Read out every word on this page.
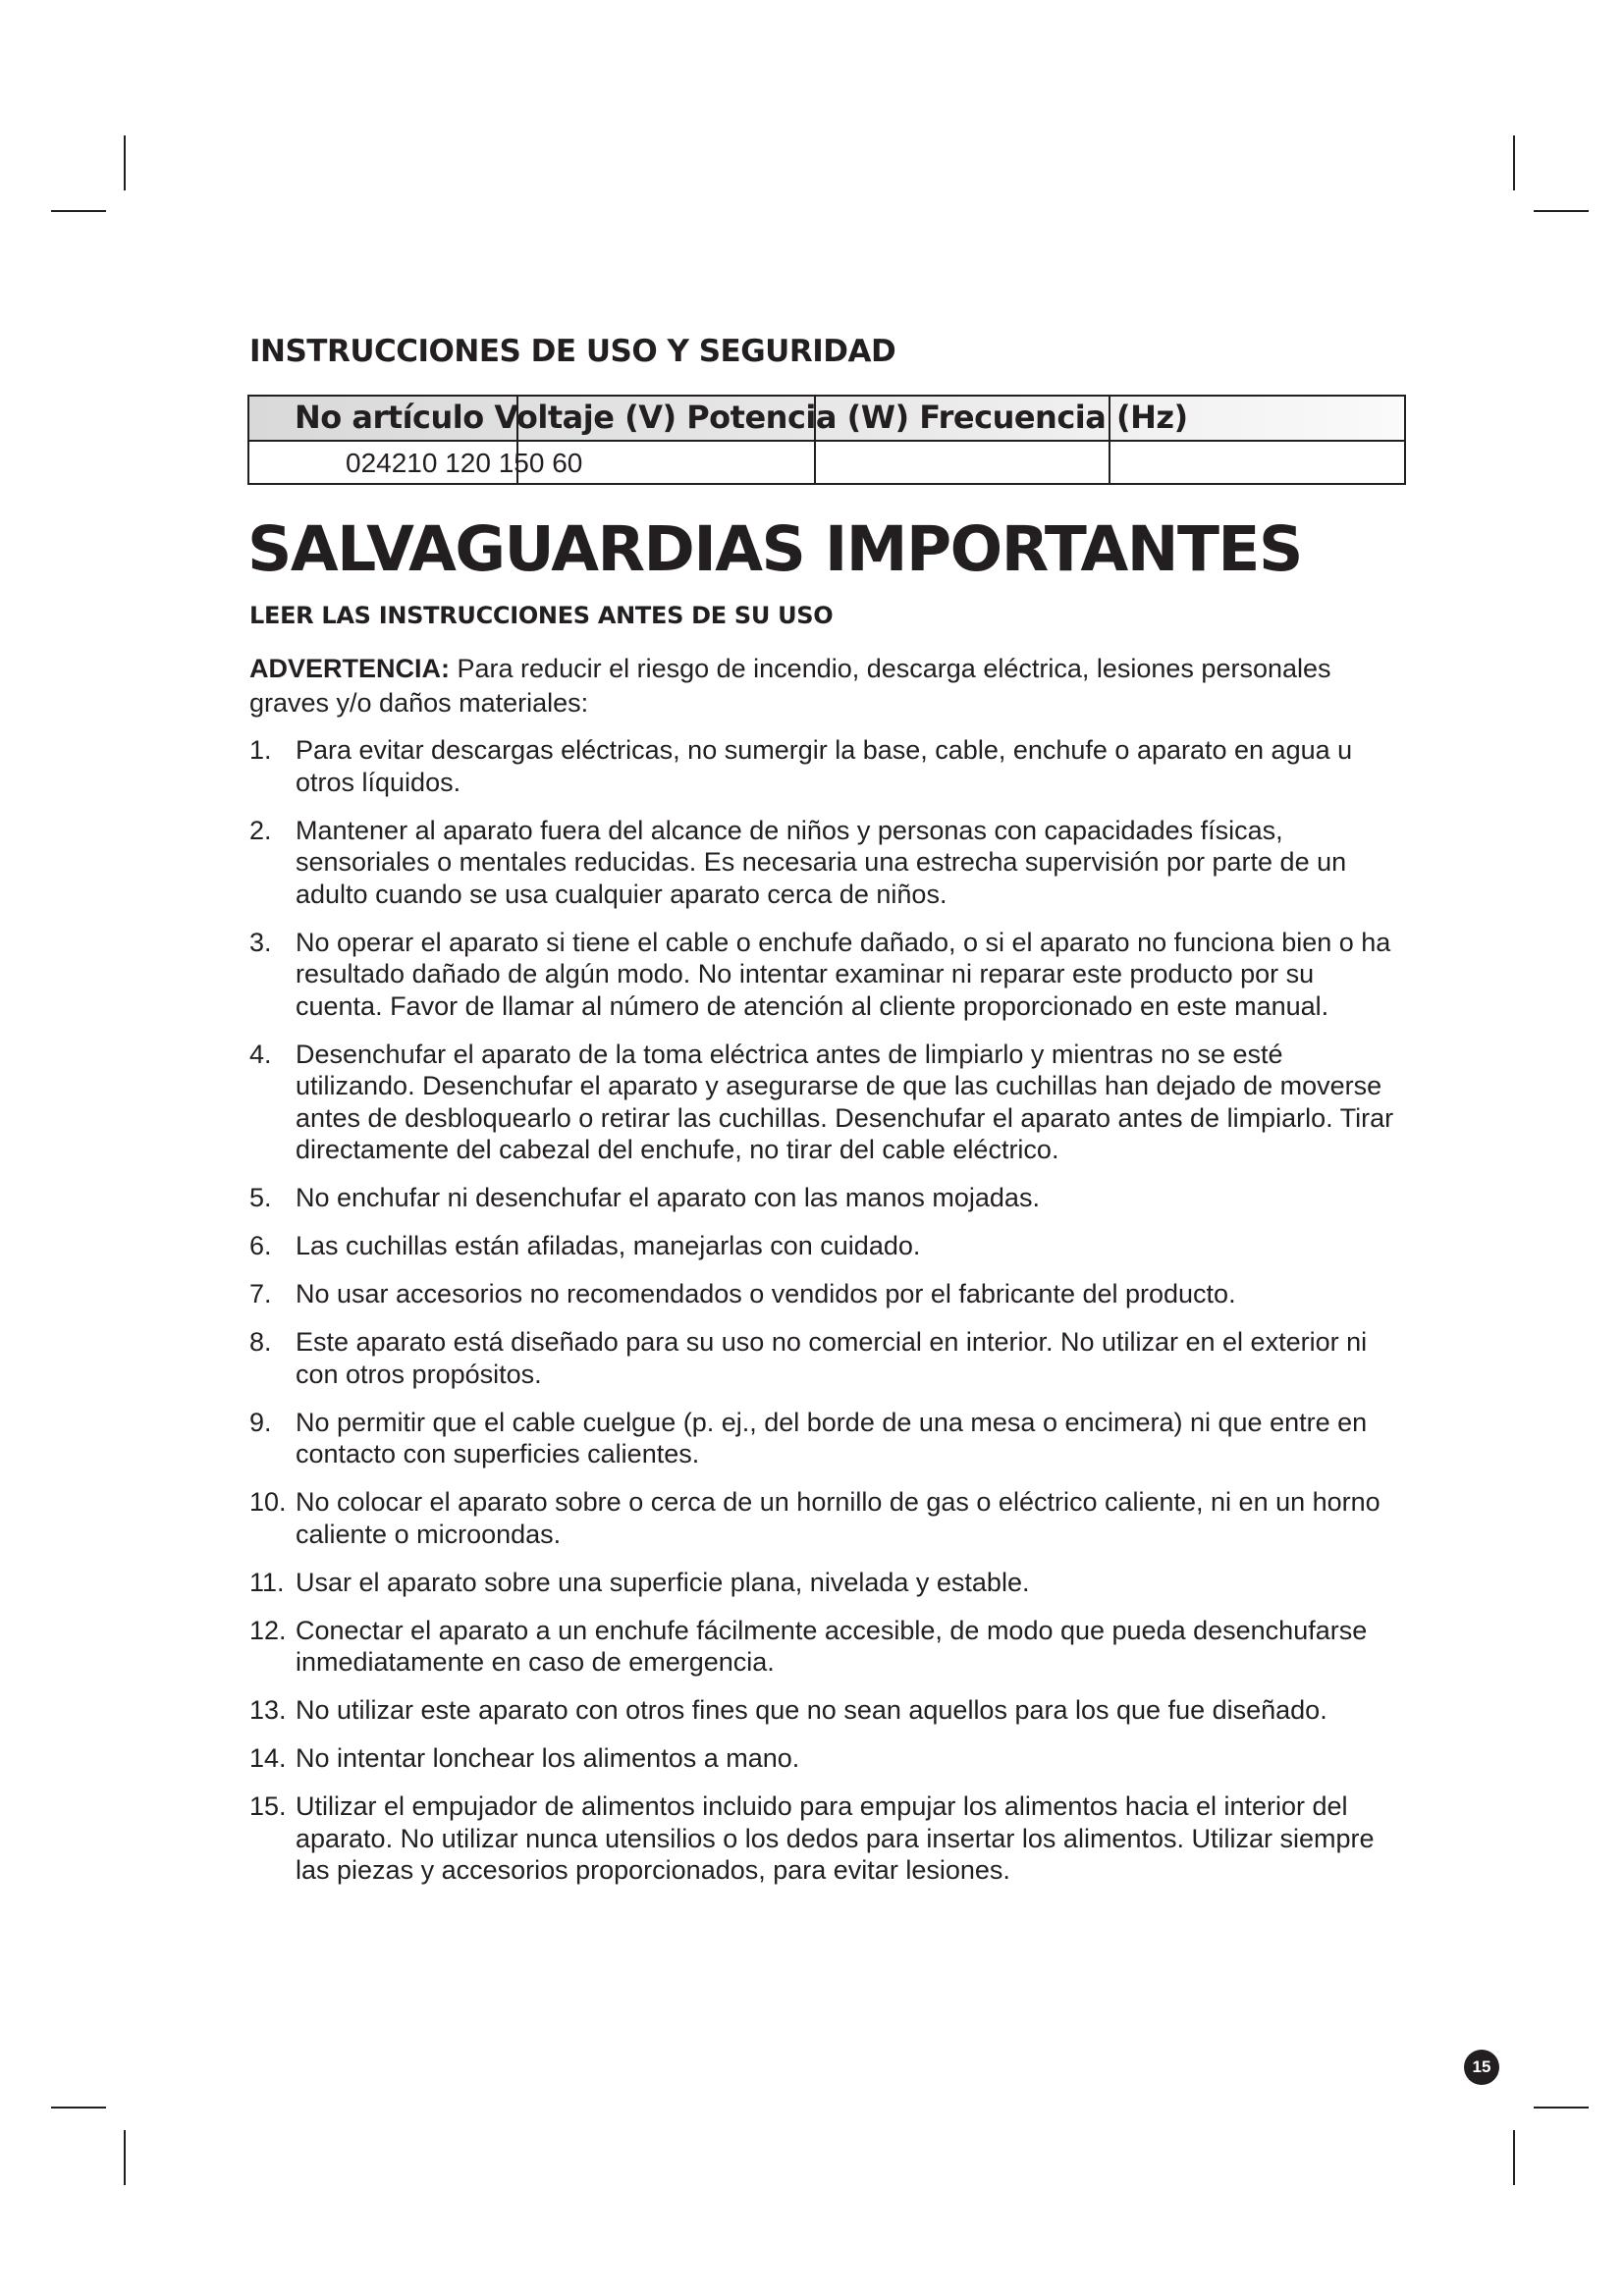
INSTRUCCIONES DE USO Y SEGURIDAD
No artículo Voltaje (V) Potencia (W) Frecuencia (Hz)
024210 120 150 60
SALVAGUARDIAS IMPORTANTES
LEER LAS INSTRUCCIONES ANTES DE SU USO

ADVERTENCIA: Para reducir el riesgo de incendio, descarga eléctrica, lesiones personales graves y/o daños materiales:

1. Para evitar descargas eléctricas, no sumergir la base, cable, enchufe o aparato en agua u otros líquidos.
2. Mantener al aparato fuera del alcance de niños y personas con capacidades físicas, sensoriales o mentales reducidas. Es necesaria una estrecha supervisión por parte de un adulto cuando se usa cualquier aparato cerca de niños.
3. No operar el aparato si tiene el cable o enchufe dañado, o si el aparato no funciona bien o ha resultado dañado de algún modo. No intentar examinar ni reparar este producto por su cuenta. Favor de llamar al número de atención al cliente proporcionado en este manual.
4. Desenchufar el aparato de la toma eléctrica antes de limpiarlo y mientras no se esté utilizando. Desenchufar el aparato y asegurarse de que las cuchillas han dejado de moverse antes de desbloquearlo o retirar las cuchillas. Desenchufar el aparato antes de limpiarlo. Tirar directamente del cabezal del enchufe, no tirar del cable eléctrico.
5. No enchufar ni desenchufar el aparato con las manos mojadas.
6. Las cuchillas están afiladas, manejarlas con cuidado.
7. No usar accesorios no recomendados o vendidos por el fabricante del producto.
8. Este aparato está diseñado para su uso no comercial en interior. No utilizar en el exterior ni con otros propósitos.
9. No permitir que el cable cuelgue (p. ej., del borde de una mesa o encimera) ni que entre en contacto con superficies calientes.
10. No colocar el aparato sobre o cerca de un hornillo de gas o eléctrico caliente, ni en un horno caliente o microondas.
11. Usar el aparato sobre una superficie plana, nivelada y estable.
12. Conectar el aparato a un enchufe fácilmente accesible, de modo que pueda desenchufarse inmediatamente en caso de emergencia.
13. No utilizar este aparato con otros fines que no sean aquellos para los que fue diseñado.
14. No intentar lonchear los alimentos a mano.
15. Utilizar el empujador de alimentos incluido para empujar los alimentos hacia el interior del aparato. No utilizar nunca utensilios o los dedos para insertar los alimentos. Utilizar siempre las piezas y accesorios proporcionados, para evitar lesiones.
15
